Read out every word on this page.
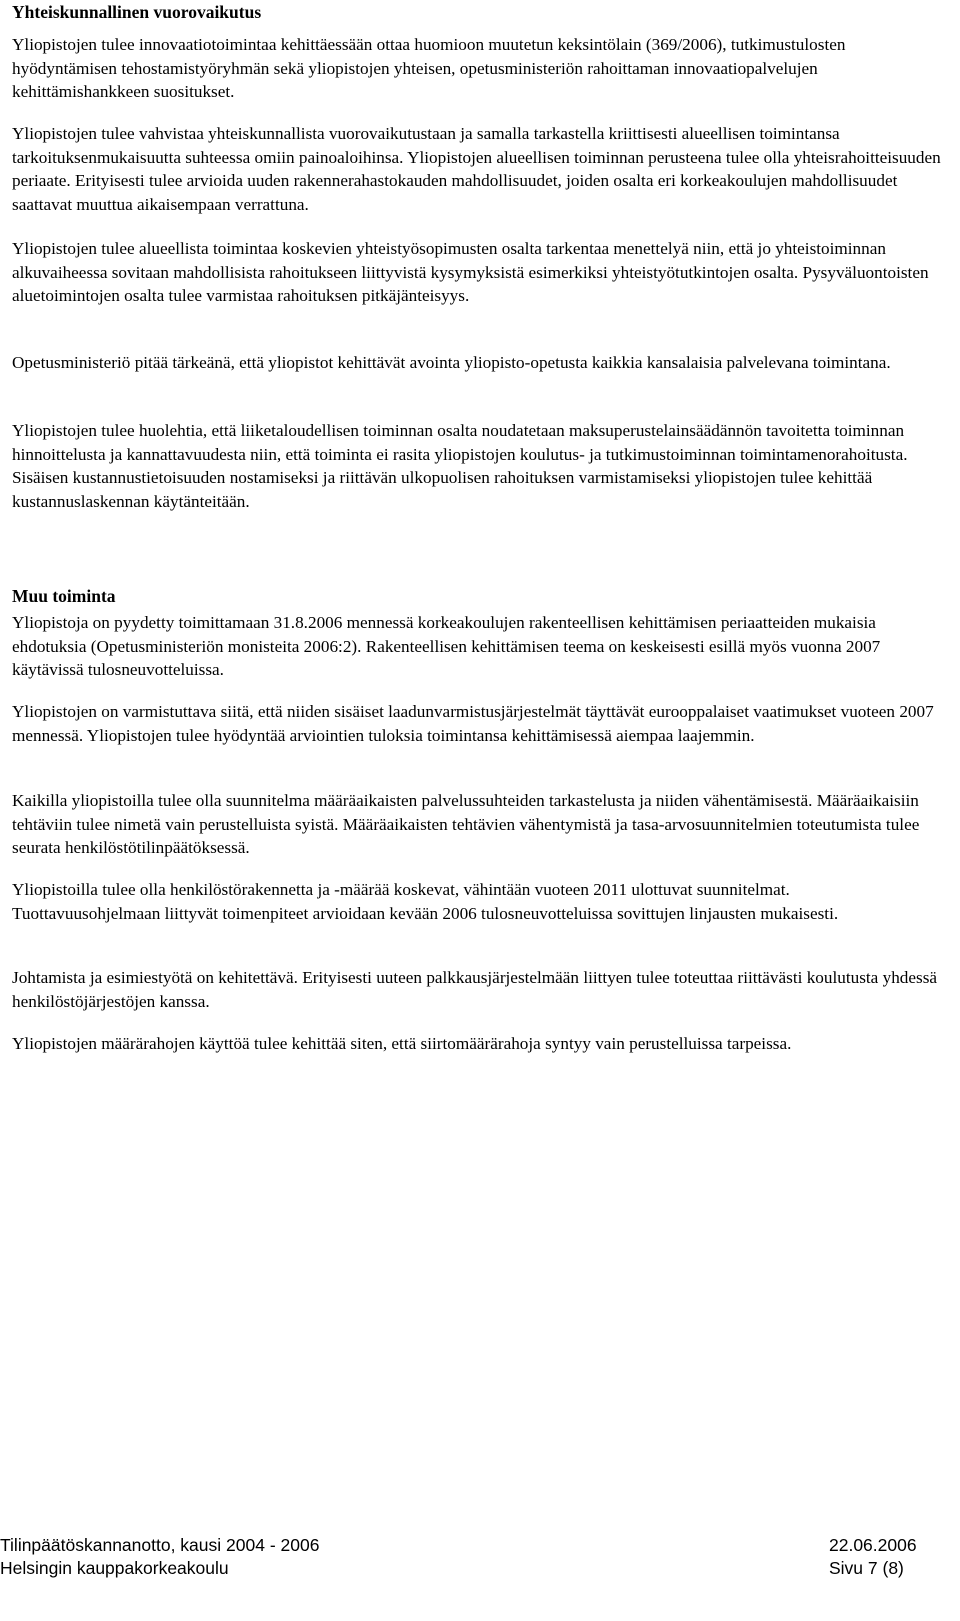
Yhteiskunnallinen vuorovaikutus

Yliopistojen tulee innovaatiotoimintaa kehittäessään ottaa huomioon muutetun keksintölain (369/2006), tutkimustulosten hyödyntämisen tehostamistyöryhmän sekä yliopistojen yhteisen, opetusministeriön rahoittaman innovaatiopalvelujen kehittämishankkeen suositukset.

Yliopistojen tulee vahvistaa yhteiskunnallista vuorovaikutustaan ja samalla tarkastella kriittisesti alueellisen toimintansa tarkoituksenmukaisuutta suhteessa omiin painoaloihinsa. Yliopistojen alueellisen toiminnan perusteena tulee olla yhteisrahoitteisuuden periaate. Erityisesti tulee arvioida uuden rakennerahastokauden mahdollisuudet, joiden osalta eri korkeakoulujen mahdollisuudet saattavat muuttua aikaisempaan verrattuna.

Yliopistojen tulee alueellista toimintaa koskevien yhteistyösopimusten osalta tarkentaa menettelyä niin, että jo yhteistoiminnan alkuvaiheessa sovitaan mahdollisista rahoitukseen liittyvistä kysymyksistä esimerkiksi yhteistyötutkintojen osalta. Pysyväluontoisten aluetoimintojen osalta tulee varmistaa rahoituksen pitkäjänteisyys.

Opetusministeriö pitää tärkeänä, että yliopistot kehittävät avointa yliopisto-opetusta kaikkia kansalaisia palvelevana toimintana.

Yliopistojen tulee huolehtia, että liiketaloudellisen toiminnan osalta noudatetaan maksuperustelainsäädännön tavoitetta toiminnan hinnoittelusta ja kannattavuudesta niin, että toiminta ei rasita yliopistojen koulutus- ja tutkimustoiminnan toimintamenorahoitusta. Sisäisen kustannustietoisuuden nostamiseksi ja riittävän ulkopuolisen rahoituksen varmistamiseksi yliopistojen tulee kehittää kustannuslaskennan käytänteitään.

Muu toiminta

Yliopistoja on pyydetty toimittamaan 31.8.2006 mennessä korkeakoulujen rakenteellisen kehittämisen periaatteiden mukaisia ehdotuksia (Opetusministeriön monisteita 2006:2). Rakenteellisen kehittämisen teema on keskeisesti esillä myös vuonna 2007 käytävissä tulosneuvotteluissa.

Yliopistojen on varmistuttava siitä, että niiden sisäiset laadunvarmistusjärjestelmät täyttävät eurooppalaiset vaatimukset vuoteen 2007 mennessä. Yliopistojen tulee hyödyntää arviointien tuloksia toimintansa kehittämisessä aiempaa laajemmin.

Kaikilla yliopistoilla tulee olla suunnitelma määräaikaisten palvelussuhteiden tarkastelusta ja niiden vähentämisestä. Määräaikaisiin tehtäviin tulee nimetä vain perustelluista syistä. Määräaikaisten tehtävien vähentymistä ja tasa-arvosuunnitelmien toteutumista tulee seurata henkilöstötilinpäätöksessä.

Yliopistoilla tulee olla henkilöstörakennetta ja -määrää koskevat, vähintään vuoteen 2011 ulottuvat suunnitelmat. Tuottavuusohjelmaan liittyvät toimenpiteet arvioidaan kevään 2006 tulosneuvotteluissa sovittujen linjausten mukaisesti.

Johtamista ja esimiestyötä on kehitettävä. Erityisesti uuteen palkkausjärjestelmään liittyen tulee toteuttaa riittävästi koulutusta yhdessä henkilöstöjärjestöjen kanssa.

Yliopistojen määrärahojen käyttöä tulee kehittää siten, että siirtomäärärahoja syntyy vain perustelluissa tarpeissa.

Tilinpäätöskannanotto, kausi 2004 - 2006	22.06.2006
Helsingin kauppakorkeakoulu	Sivu 7 (8)
